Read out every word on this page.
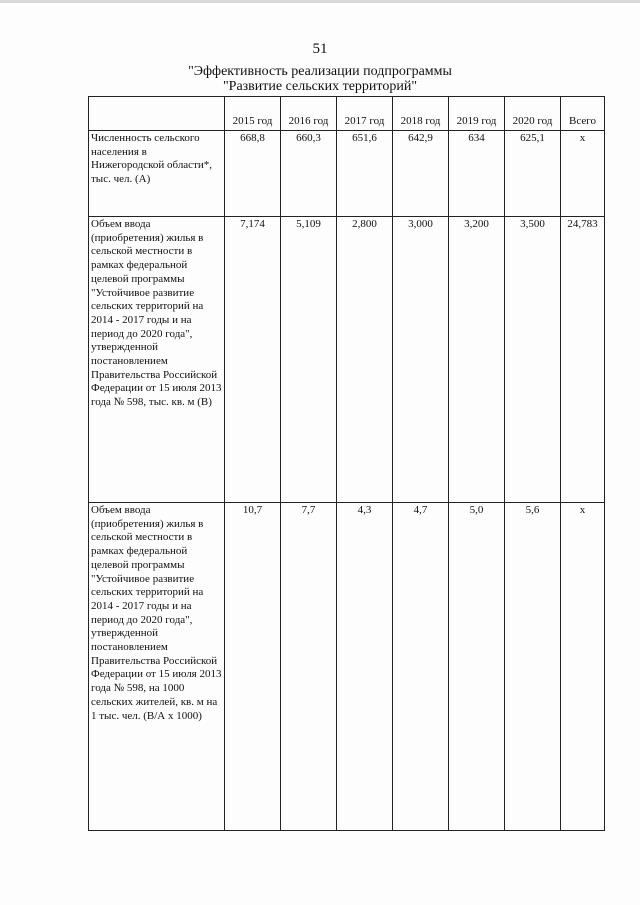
51
"Эффективность реализации подпрограммы
"Развитие сельских территорий"
	2015 год	2016 год	2017 год	2018 год	2019 год	2020 год	Всего
Численность сельского населения в Нижегородской области*, тыс. чел. (А)	668,8	660,3	651,6	642,9	634	625,1	x
Объем ввода (приобретения) жилья в сельской местности в рамках федеральной целевой программы "Устойчивое развитие сельских территорий на 2014 - 2017 годы и на период до 2020 года", утвержденной постановлением Правительства Российской Федерации от 15 июля 2013 года № 598, тыс. кв. м (В)	7,174	5,109	2,800	3,000	3,200	3,500	24,783
Объем ввода (приобретения) жилья в сельской местности в рамках федеральной целевой программы "Устойчивое развитие сельских территорий на 2014 - 2017 годы и на период до 2020 года", утвержденной постановлением Правительства Российской Федерации от 15 июля 2013 года № 598, на 1000 сельских жителей, кв. м на 1 тыс. чел. (В/А x 1000)	10,7	7,7	4,3	4,7	5,0	5,6	x
